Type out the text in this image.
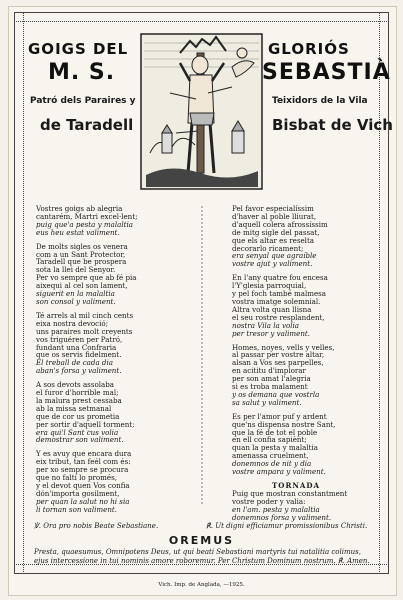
GOIGS DEL	GLORIÓS
M. S.	SEBASTIÀ
Patró dels Paraires y	Teixidors de la Vila
de Taradell	Bisbat de Vich
Vostres goigs ab alegria
cantarém, Martri excel·lent;
puig que'a pesta y malaltia
eus heu estat valiment.
De molts sigles os venera
com a un Sant Protector,
Taradell que be prospera
sota la llei del Senyor.
Per vo sempre que ab fé pia
aixequi al cel son lament,
siguerit en la malaltia
son consol y valiment.
Té arrels al mil cinch cents
eixa nostra devoció;
uns paraires molt creyents
vos triguéren per Patró,
fundant una Confraria
que os servis fidelment.
El treball de cada dia
aban's forsa y valiment.
A sos devots assolaba
el furor d'horrible mal;
la malura prest cessaba
ab la missa setmanal
que de cor us prometia
per sortir d'aquell torment;
era qui'l Sant cus volia
demostrar son valiment.
Y es avuy que encara dura
eix tribut, tan feél com és:
per xo sempre se procura
que no faltí lo promés,
y el devot quen Vos confia
dón'importa gosilment,
per quan la salut no hi sia
li tornan son valiment.
Pel favor especialíssim
d'haver al poble lliurat,
d'aquell colera afrossíssim
de mitg sigle del passat,
que els altar es reselta
decorarlo ricament;
era senyal que agraíble
vostre ajut y valiment.
En l'any quatre fou encesa
l'Y'glesia parroquial,
y pel foch també malmesa
vostra imatge solemnial.
Altra volta quan llisna
el seu rostre resplandent,
nostra Vila la volia
per tresor y valiment.
Homes, noyes, vells y velles,
al passar per vostre altar,
alsan a Vos ses parpelles,
en acititu d'implorar
per son amat l'alegria
si es troba malament
y os demana que vostrla
sa salut y valiment.
Es per l'amor puf y ardent
que'ns dispensa nostre Sant,
que la fé de tot el poble
en ell confia sapiènt;
quan la pesta y malaltia
amenassa cruelment,
donemnos de nit y dia
vostre ampara y valiment.
TORNADA
Puig que mostran constantment
vostre poder y valia:
en l'am. pesta y malaltia
donemnos forsa y valiment.
℣. Ora pro nobis Beate Sebastiane.	℟. Ut digni efficiamur promissionibus Christi.
OREMUS
Presta, quaesumus, Omnipotens Deus, ut qui beati Sebastiani martyris tui natalitia colimus, ejus intercessione in tui nominis amore roboremur. Per Christum Dominum nostrum. ℟. Amen.
Vich. Imp. de Anglada, —1925.
